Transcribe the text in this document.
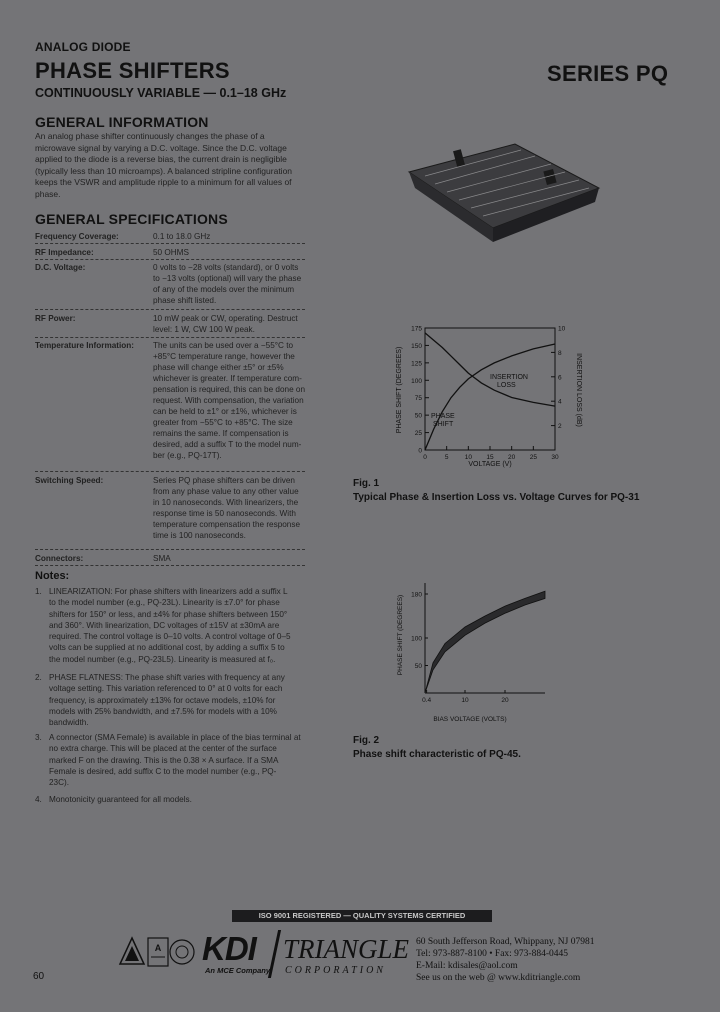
ANALOG DIODE
PHASE SHIFTERS
CONTINUOUSLY VARIABLE — 0.1–18 GHz
SERIES PQ
GENERAL INFORMATION
An analog phase shifter continuously changes the phase of a
microwave signal by varying a D.C. voltage. Since the D.C. voltage
applied to the diode is a reverse bias, the current drain is negligible
(typically less than 10 microamps). A balanced stripline configuration
keeps the VSWR and amplitude ripple to a minimum for all values of
phase.
GENERAL SPECIFICATIONS
Frequency Coverage:	0.1 to 18.0 GHz
RF Impedance:	50 OHMS
D.C. Voltage:	0 volts to −28 volts (standard), or 0 volts
to −13 volts (optional) will vary the phase
of any of the models over the minimum
phase shift listed.
RF Power:	10 mW peak or CW, operating. Destruct
level: 1 W, CW 100 W peak.
Temperature Information:	The units can be used over a −55°C to
+85°C temperature range, however the
phase will change either ±5° or ±5%
whichever is greater. If temperature com-
pensation is required, this can be done on
request. With compensation, the variation
can be held to ±1° or ±1%, whichever is
greater from −55°C to +85°C. The size
remains the same. If compensation is
desired, add a suffix T to the model num-
ber (e.g., PQ-17T).
Switching Speed:	Series PQ phase shifters can be driven
from any phase value to any other value
in 10 nanoseconds. With linearizers, the
response time is 50 nanoseconds. With
temperature compensation the response
time is 100 nanoseconds.
Connectors:	SMA
Notes:
1. LINEARIZATION: For phase shifters with linearizers add a suffix L
to the model number (e.g., PQ-23L). Linearity is ±7.0° for phase
shifters for 150° or less, and ±4% for phase shifters between 150°
and 360°. With linearization, DC voltages of ±15V at ±30mA are
required. The control voltage is 0–10 volts. A control voltage of 0–5
volts can be supplied at no additional cost, by adding a suffix 5 to
the model number (e.g., PQ-23L5). Linearity is measured at f₀.
2. PHASE FLATNESS: The phase shift varies with frequency at any
voltage setting. This variation referenced to 0° at 0 volts for each
frequency, is approximately ±13% for octave models, ±10% for
models with 25% bandwidth, and ±7.5% for models with a 10%
bandwidth.
3. A connector (SMA Female) is available in place of the bias terminal at
no extra charge. This will be placed at the center of the surface
marked F on the drawing. This is the 0.38 × A surface. If a SMA
Female is desired, add suffix C to the model number (e.g., PQ-
23C).
4. Monotonicity guaranteed for all models.
175
150
125
100
75
50
25
0
10
8
6
4
2
0	5 10 15 20 25 30
INSERTION
LOSS
PHASE
SHIFT
VOLTAGE (V)
PHASE SHIFT (DEGREES)	INSERTION LOSS (dB)
Fig. 1
Typical Phase & Insertion Loss vs. Voltage Curves for PQ-31
180
100
50
0.4	10	20
BIAS VOLTAGE (VOLTS)
PHASE SHIFT (DEGREES)
Fig. 2
Phase shift characteristic of PQ-45.
ISO 9001 REGISTERED — QUALITY SYSTEMS CERTIFIED
A KDI TRIANGLE
An MCE Company CORPORATION
60 South Jefferson Road, Whippany, NJ 07981
Tel: 973-887-8100 • Fax: 973-884-0445
E-Mail: kdisales@aol.com
See us on the web @ www.kditriangle.com
60
